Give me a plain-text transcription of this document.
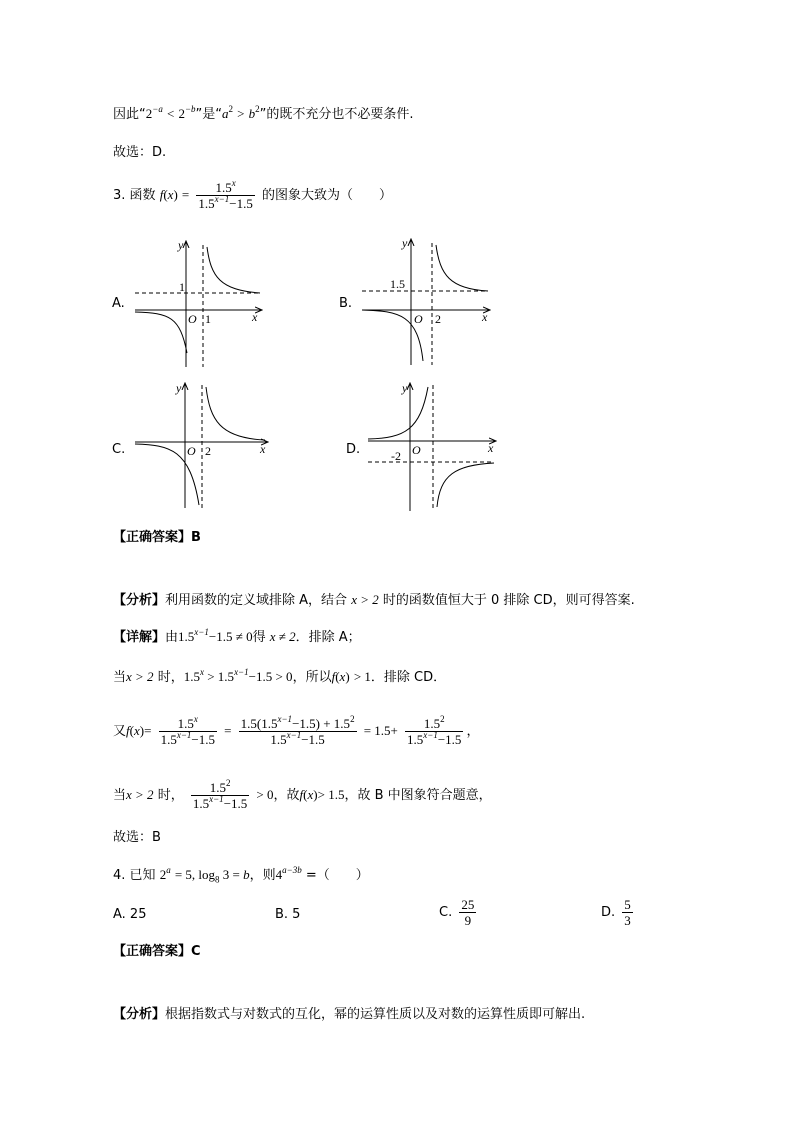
因此“$2^{-a} < 2^{-b}$”是“$a^2 > b^2$”的既不充分也不必要条件.
故选：D.
3. 函数 $f(x) = \frac{1.5^x}{1.5^{x-1}-1.5}$ 的图象大致为（　　）
A.
y
x
O
1
1
B.
y
x
O
1.5
2
C.
y
x
O 2	D.
y
x
O
-2
【正确答案】B
【分析】利用函数的定义域排除 A，结合 x > 2 时的函数值恒大于 0 排除 CD，则可得答案.
【详解】由$1.5^{x-1}-1.5 \ne 0$得 x ≠ 2．排除 A；
当x > 2 时，$1.5^x > 1.5^{x-1}-1.5 > 0$，所以f(x) > 1．排除 CD．
又$f(x)= \frac{1.5^x}{1.5^{x-1}-1.5} = \frac{1.5(1.5^{x-1}-1.5) + 1.5^2}{1.5^{x-1}-1.5} = 1.5+ \frac{1.5^2}{1.5^{x-1}-1.5}$ ，
当x > 2 时， $\frac{1.5^2}{1.5^{x-1}-1.5} > 0$，故f(x)> 1.5，故 B 中图象符合题意，
故选：B
4. 已知 $2^a = 5$, $\log_8 3 = b$，则$4^{a-3b}$ =（　　）
A. 25	B. 5	C. $\frac{25}{9}$	D. $\frac{5}{3}$
【正确答案】C
【分析】根据指数式与对数式的互化，幂的运算性质以及对数的运算性质即可解出.
